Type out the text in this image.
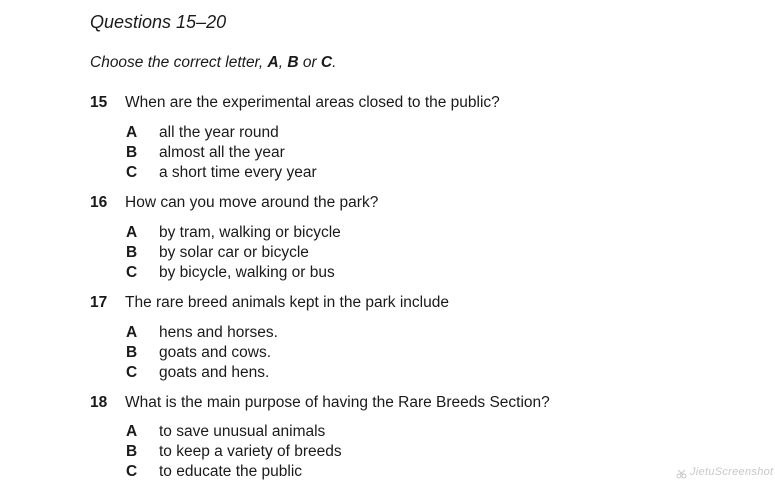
Questions 15–20
Choose the correct letter, A, B or C.
15 When are the experimental areas closed to the public?
A all the year round
B almost all the year
C a short time every year
16 How can you move around the park?
A by tram, walking or bicycle
B by solar car or bicycle
C by bicycle, walking or bus
17 The rare breed animals kept in the park include
A hens and horses.
B goats and cows.
C goats and hens.
18 What is the main purpose of having the Rare Breeds Section?
A to save unusual animals
B to keep a variety of breeds
C to educate the public	JietuScreenshot
